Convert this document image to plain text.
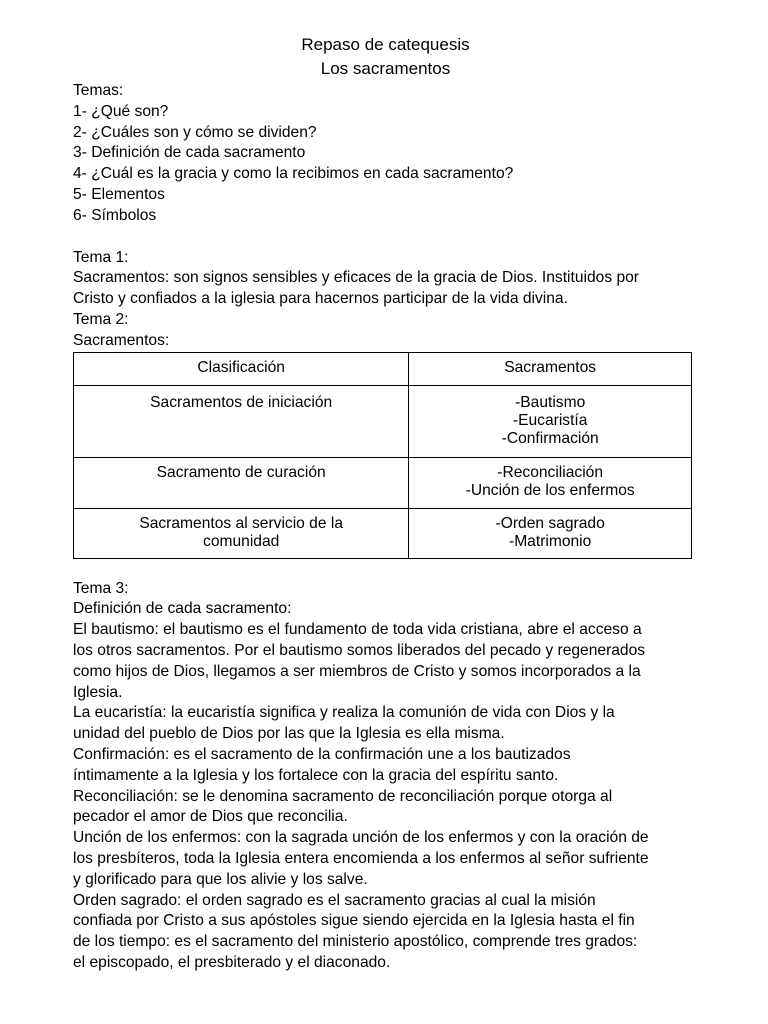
Repaso de catequesis
Los sacramentos
Temas:
1- ¿Qué son?
2- ¿Cuáles son y cómo se dividen?
3- Definición de cada sacramento
4- ¿Cuál es la gracia y como la recibimos en cada sacramento?
5- Elementos
6- Símbolos
Tema 1:
Sacramentos: son signos sensibles y eficaces de la gracia de Dios. Instituidos por
Cristo y confiados a la iglesia para hacernos participar de la vida divina.
Tema 2:
Sacramentos:
Clasificación	Sacramentos

Sacramentos de iniciación	-Bautismo
-Eucaristía
-Confirmación

Sacramento de curación	-Reconciliación
-Unción de los enfermos

Sacramentos al servicio de la
comunidad	-Orden sagrado
-Matrimonio
Tema 3:
Definición de cada sacramento:
El bautismo: el bautismo es el fundamento de toda vida cristiana, abre el acceso a
los otros sacramentos. Por el bautismo somos liberados del pecado y regenerados
como hijos de Dios, llegamos a ser miembros de Cristo y somos incorporados a la
Iglesia.
La eucaristía: la eucaristía significa y realiza la comunión de vida con Dios y la
unidad del pueblo de Dios por las que la Iglesia es ella misma.
Confirmación: es el sacramento de la confirmación une a los bautizados
íntimamente a la Iglesia y los fortalece con la gracia del espíritu santo.
Reconciliación: se le denomina sacramento de reconciliación porque otorga al
pecador el amor de Dios que reconcilia.
Unción de los enfermos: con la sagrada unción de los enfermos y con la oración de
los presbíteros, toda la Iglesia entera encomienda a los enfermos al señor sufriente
y glorificado para que los alivie y los salve.
Orden sagrado: el orden sagrado es el sacramento gracias al cual la misión
confiada por Cristo a sus apóstoles sigue siendo ejercida en la Iglesia hasta el fin
de los tiempo: es el sacramento del ministerio apostólico, comprende tres grados:
el episcopado, el presbiterado y el diaconado.
